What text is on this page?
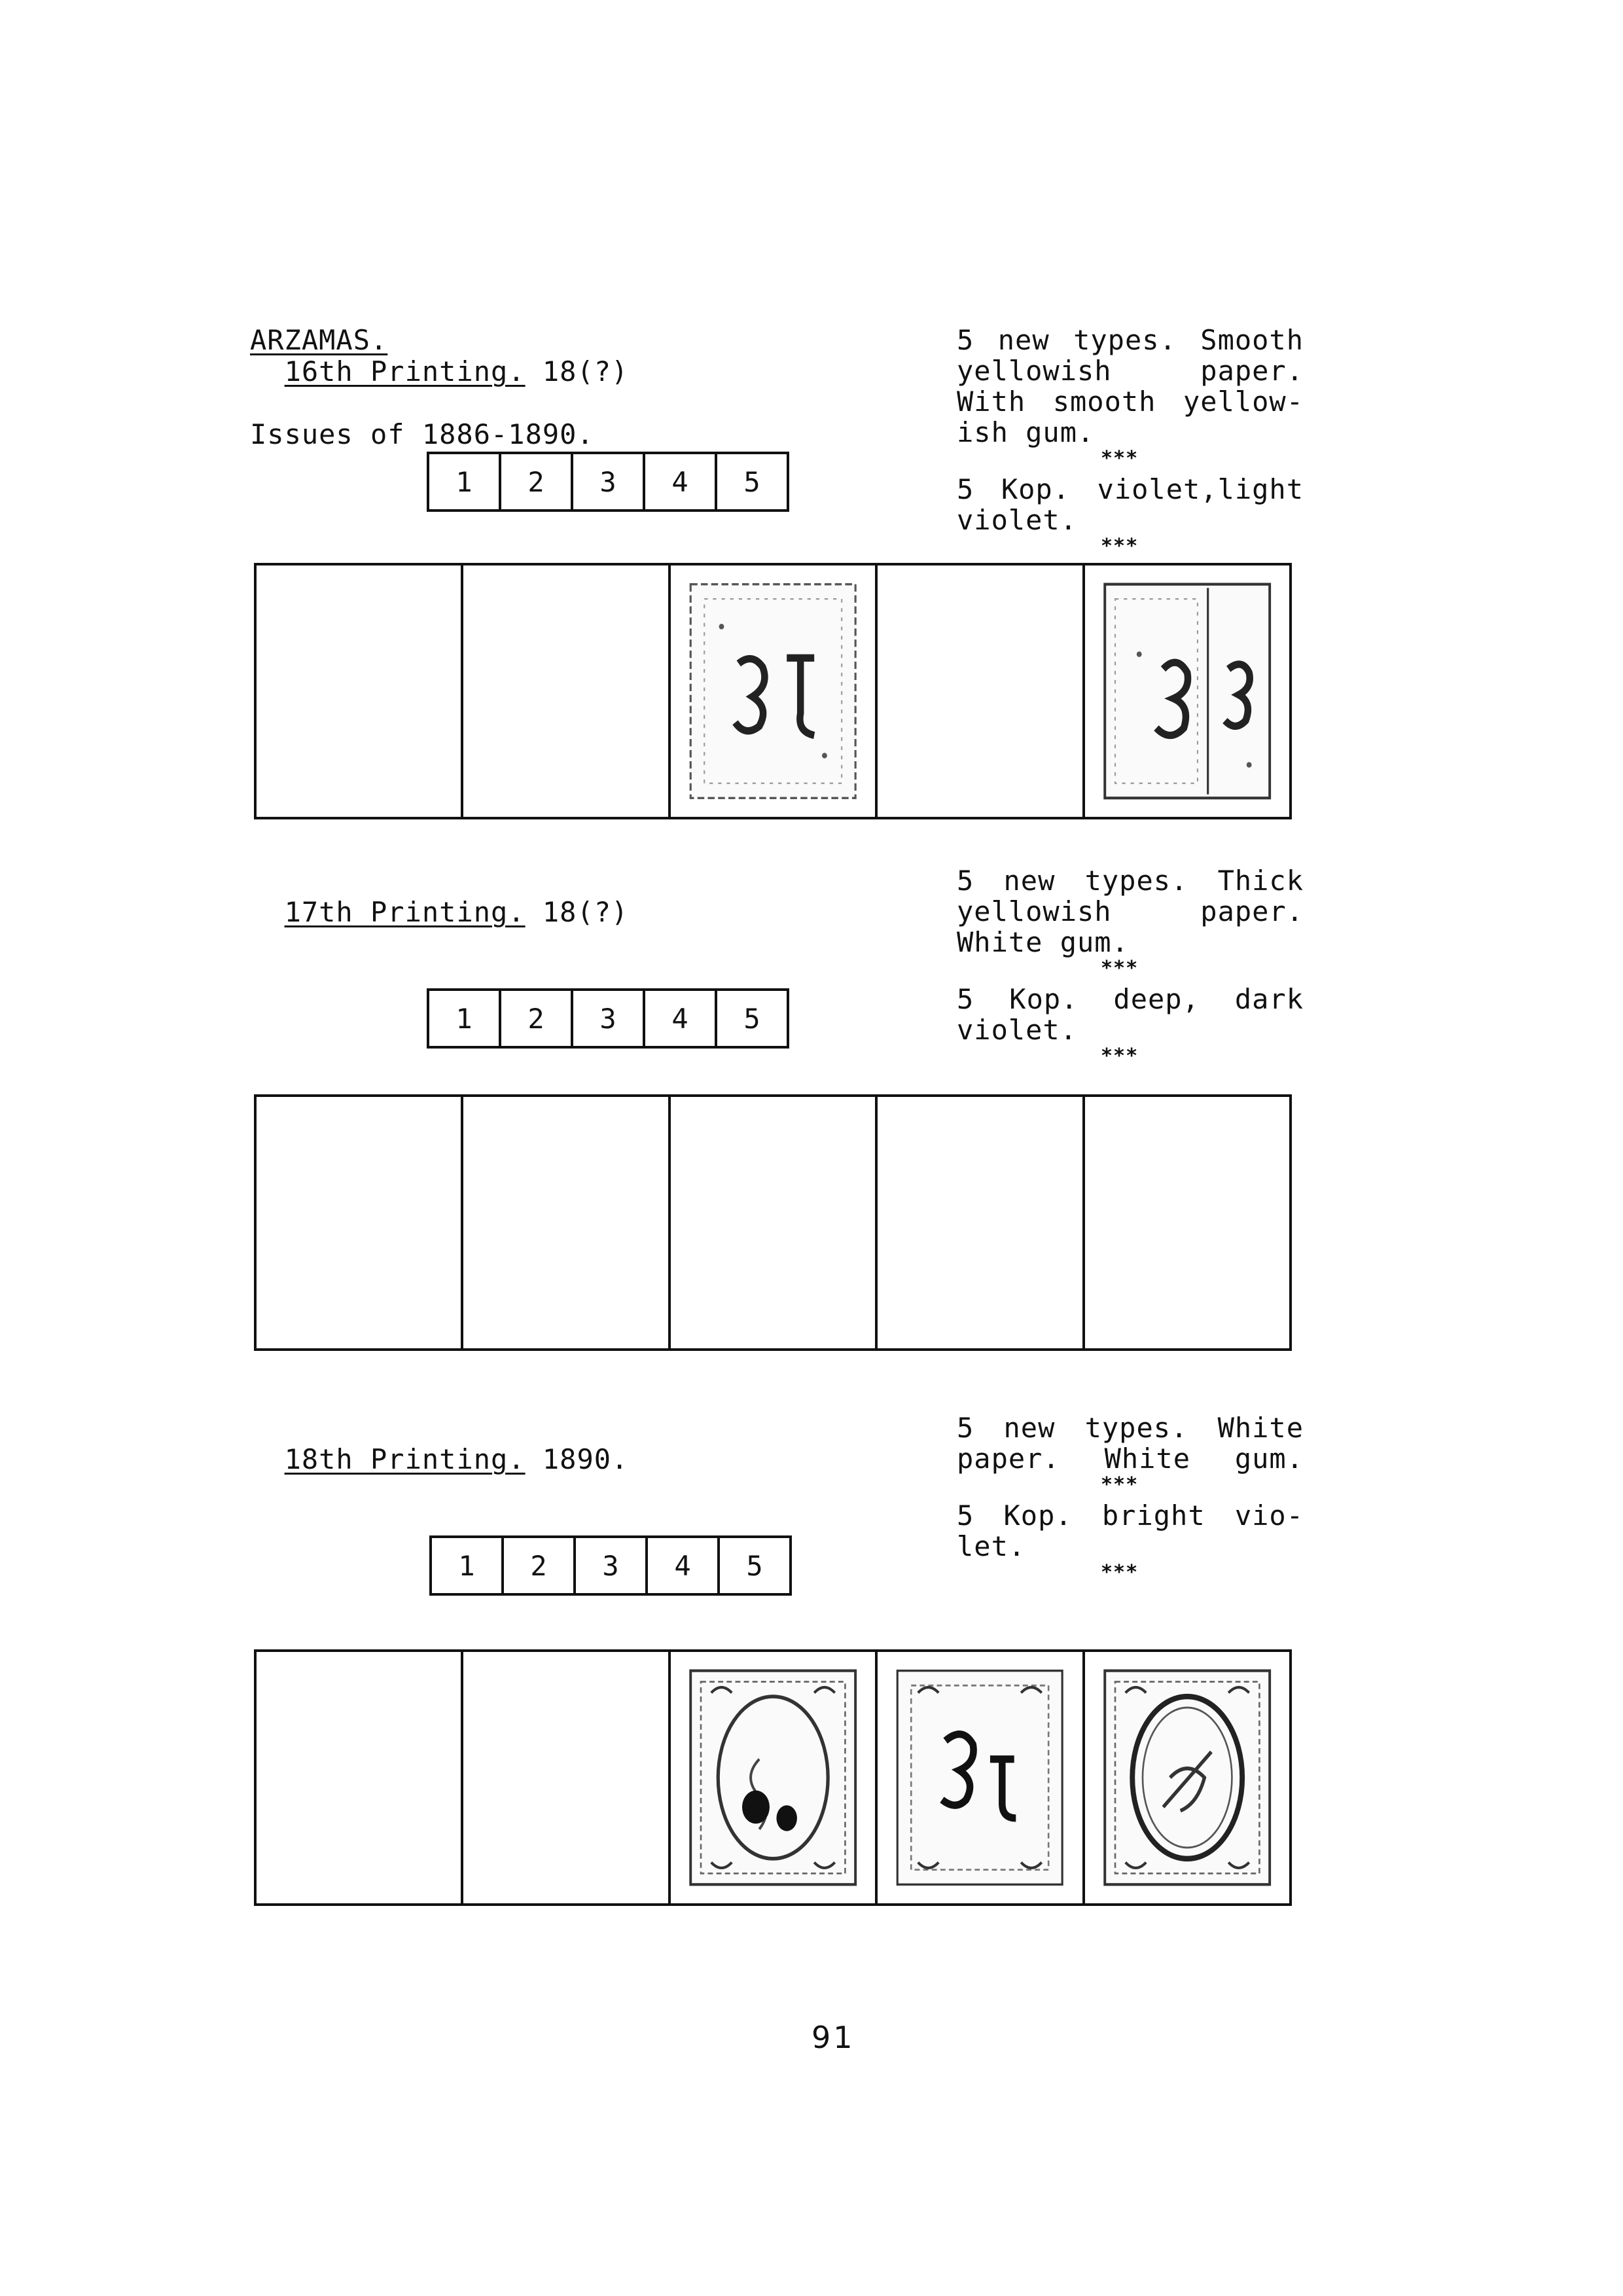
ARZAMAS.

Issues of 1886-1890.

16th Printing. 18(?)

5 new types. Smooth
yellowish paper.
With smooth yellow-
ish gum.
***
5 Kop. violet,light
violet.
***
1	2	3	4	5

17th Printing. 18(?)

5 new types. Thick
yellowish paper.
White gum.
***
5 Kop. deep, dark
violet.
***
1	2	3	4	5

18th Printing. 1890.

5 new types. White
paper. White gum.
***
5 Kop. bright vio-
let.
***
1	2	3	4	5
91
